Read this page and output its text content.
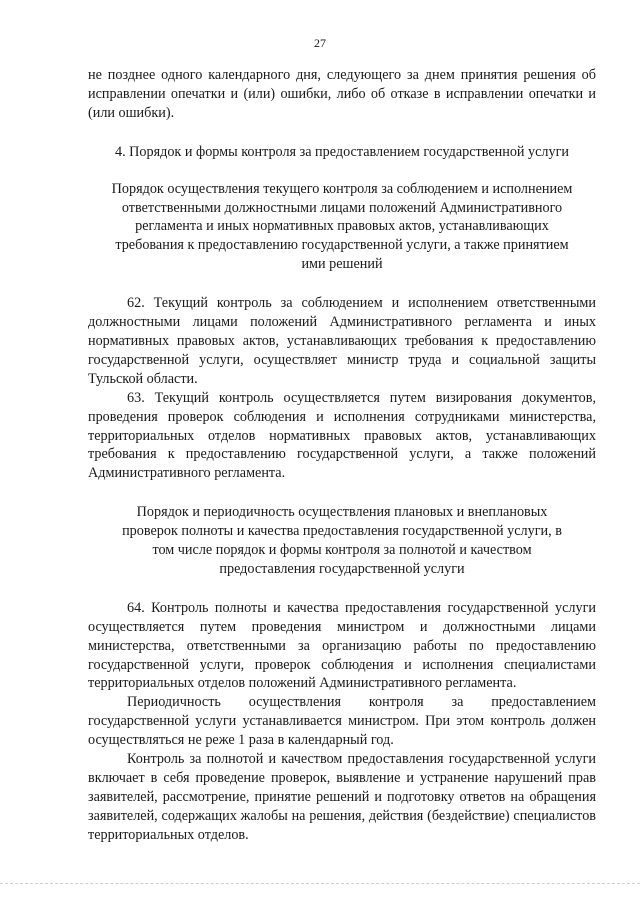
27

не позднее одного календарного дня, следующего за днем принятия решения об исправлении опечатки и (или) ошибки, либо об отказе в исправлении опечатки и (или ошибки).

4. Порядок и формы контроля за предоставлением государственной услуги

Порядок осуществления текущего контроля за соблюдением и исполнением ответственными должностными лицами положений Административного регламента и иных нормативных правовых актов, устанавливающих требования к предоставлению государственной услуги, а также принятием ими решений

62. Текущий контроль за соблюдением и исполнением ответственными должностными лицами положений Административного регламента и иных нормативных правовых актов, устанавливающих требования к предоставлению государственной услуги, осуществляет министр труда и социальной защиты Тульской области.

63. Текущий контроль осуществляется путем визирования документов, проведения проверок соблюдения и исполнения сотрудниками министерства, территориальных отделов нормативных правовых актов, устанавливающих требования к предоставлению государственной услуги, а также положений Административного регламента.

Порядок и периодичность осуществления плановых и внеплановых проверок полноты и качества предоставления государственной услуги, в том числе порядок и формы контроля за полнотой и качеством предоставления государственной услуги

64. Контроль полноты и качества предоставления государственной услуги осуществляется путем проведения министром и должностными лицами министерства, ответственными за организацию работы по предоставлению государственной услуги, проверок соблюдения и исполнения специалистами территориальных отделов положений Административного регламента.

Периодичность осуществления контроля за предоставлением государственной услуги устанавливается министром. При этом контроль должен осуществляться не реже 1 раза в календарный год.

Контроль за полнотой и качеством предоставления государственной услуги включает в себя проведение проверок, выявление и устранение нарушений прав заявителей, рассмотрение, принятие решений и подготовку ответов на обращения заявителей, содержащих жалобы на решения, действия (бездействие) специалистов территориальных отделов.
